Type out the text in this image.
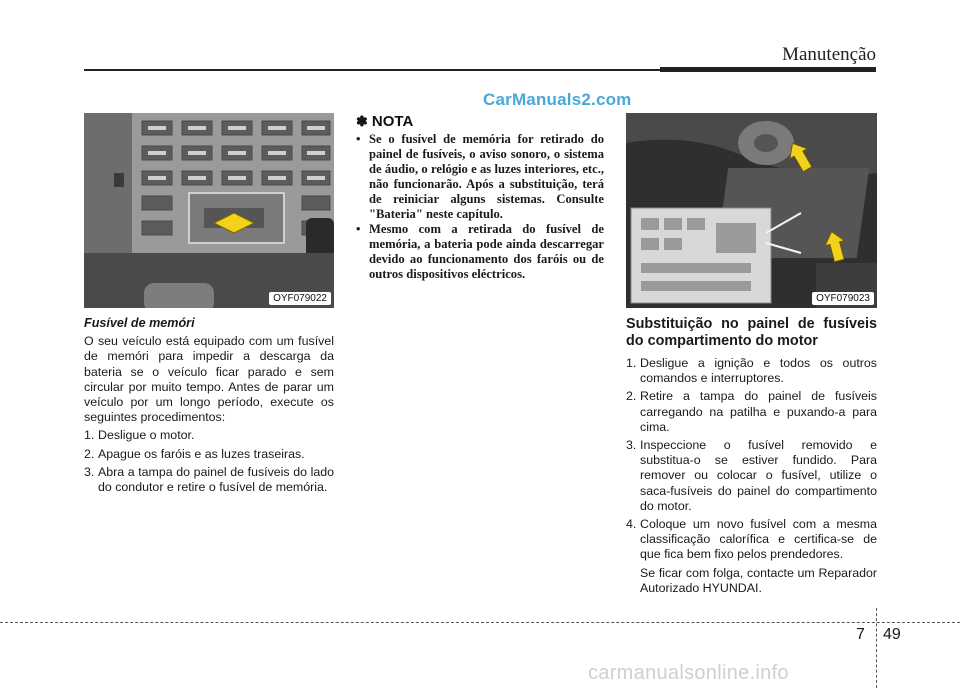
Manutenção
CarManuals2.com
OYF079022
Fusível de memóri

O seu veículo está equipado com um fusível de memóri para impedir a descarga da bateria se o veículo ficar parado e sem circular por muito tempo. Antes de parar um veículo por um longo período, execute os seguintes procedimentos:

1. Desligue o motor.
2. Apague os faróis e as luzes traseiras.
3. Abra a tampa do painel de fusíveis do lado do condutor e retire o fusível de memória.
✽ NOTA
• Se o fusível de memória for retirado do painel de fusíveis, o aviso sonoro, o sistema de áudio, o relógio e as luzes interiores, etc., não funcionarão. Após a substituição, terá de reiniciar alguns sistemas. Consulte "Bateria" neste capítulo.
• Mesmo com a retirada do fusível de memória, a bateria pode ainda descarregar devido ao funcionamento dos faróis ou de outros dispositivos eléctricos.
OYF079023
Substituição no painel de fusíveis do compartimento do motor
1. Desligue a ignição e todos os outros comandos e interruptores.
2. Retire a tampa do painel de fusíveis carregando na patilha e puxando-a para cima.
3. Inspeccione o fusível removido e substitua-o se estiver fundido. Para remover ou colocar o fusível, utilize o saca-fusíveis do painel do compartimento do motor.
4. Coloque um novo fusível com a mesma classificação calorífica e certifica-se de que fica bem fixo pelos prendedores.

Se ficar com folga, contacte um Reparador Autorizado HYUNDAI.

7 49
carmanualsonline.info
